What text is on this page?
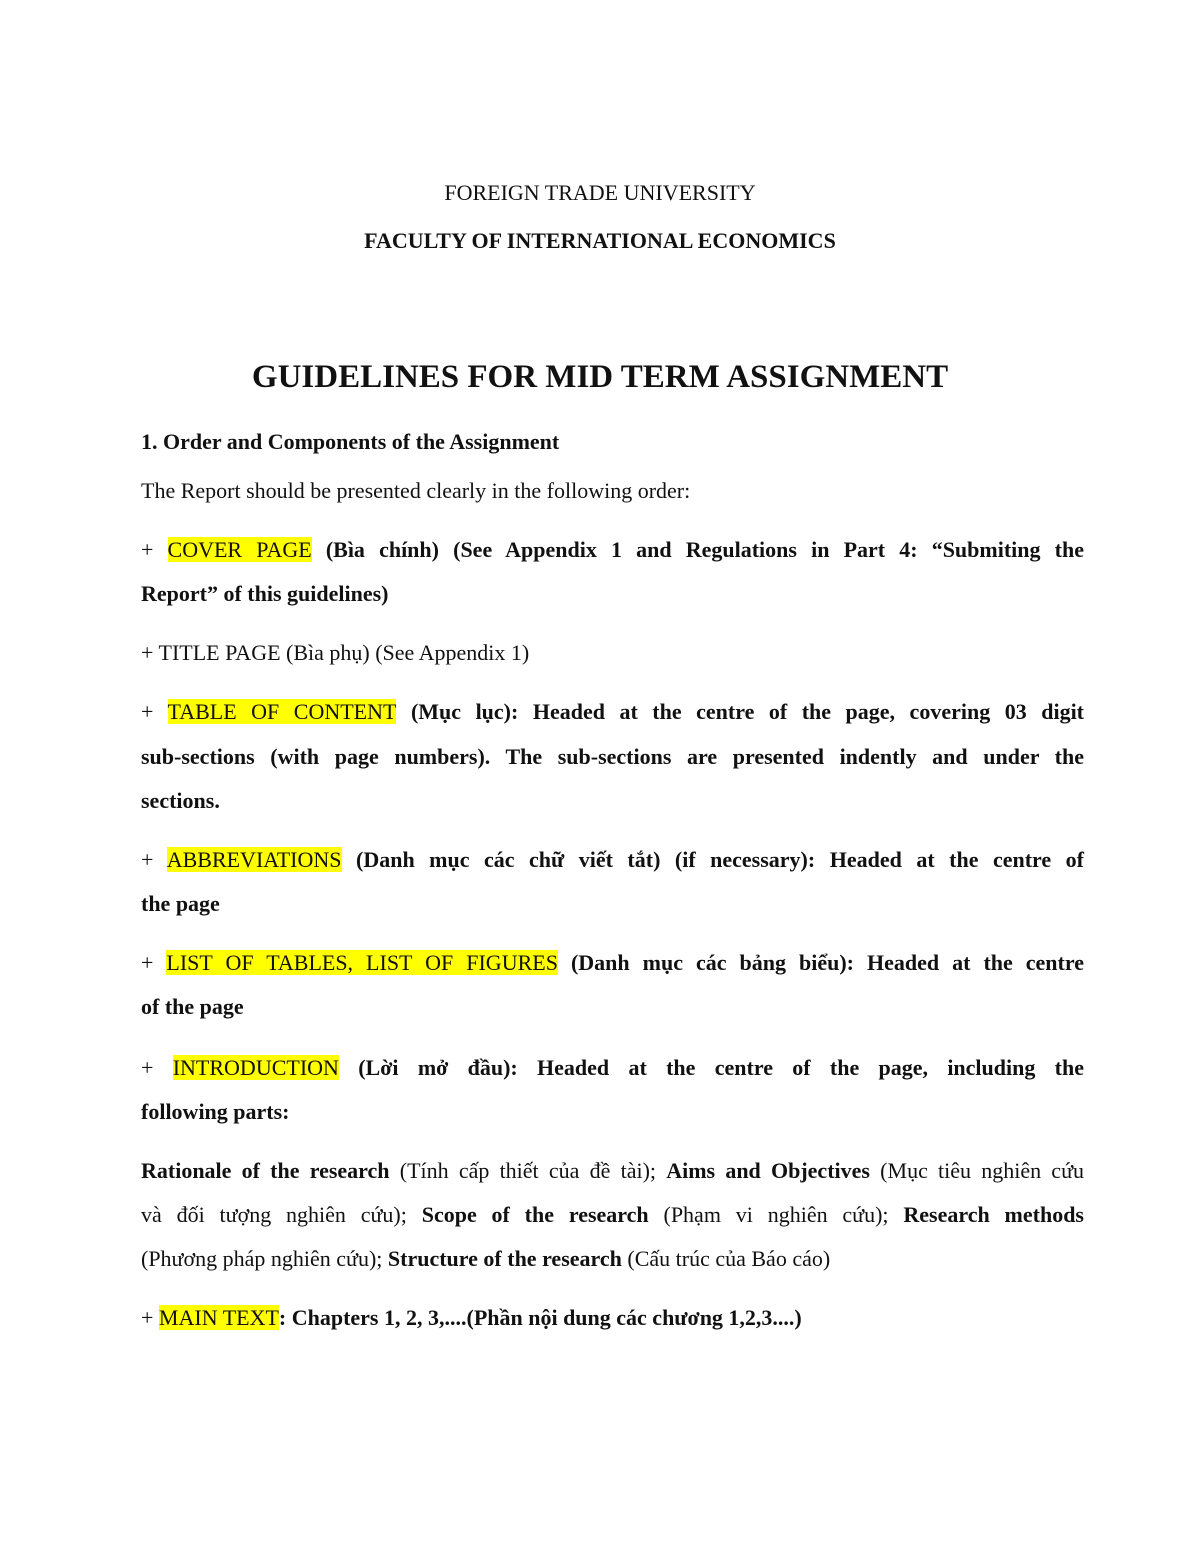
FOREIGN TRADE UNIVERSITY
FACULTY OF INTERNATIONAL ECONOMICS
GUIDELINES FOR MID TERM ASSIGNMENT
1. Order and Components of the Assignment
The Report should be presented clearly in the following order:
+ COVER PAGE (Bìa chính) (See Appendix 1 and Regulations in Part 4: “Submiting the
Report” of this guidelines)
+ TITLE PAGE (Bìa phụ) (See Appendix 1)
+ TABLE OF CONTENT (Mục lục): Headed at the centre of the page, covering 03 digit
sub-sections (with page numbers). The sub-sections are presented indently and under the
sections.
+ ABBREVIATIONS (Danh mục các chữ viết tắt) (if necessary): Headed at the centre of
the page
+ LIST OF TABLES, LIST OF FIGURES (Danh mục các bảng biểu): Headed at the centre
of the page
+ INTRODUCTION (Lời mở đầu): Headed at the centre of the page, including the
following parts:
Rationale of the research (Tính cấp thiết của đề tài); Aims and Objectives (Mục tiêu nghiên cứu
và đối tượng nghiên cứu); Scope of the research (Phạm vi nghiên cứu); Research methods
(Phương pháp nghiên cứu); Structure of the research (Cấu trúc của Báo cáo)
+ MAIN TEXT: Chapters 1, 2, 3,....(Phần nội dung các chương 1,2,3....)
